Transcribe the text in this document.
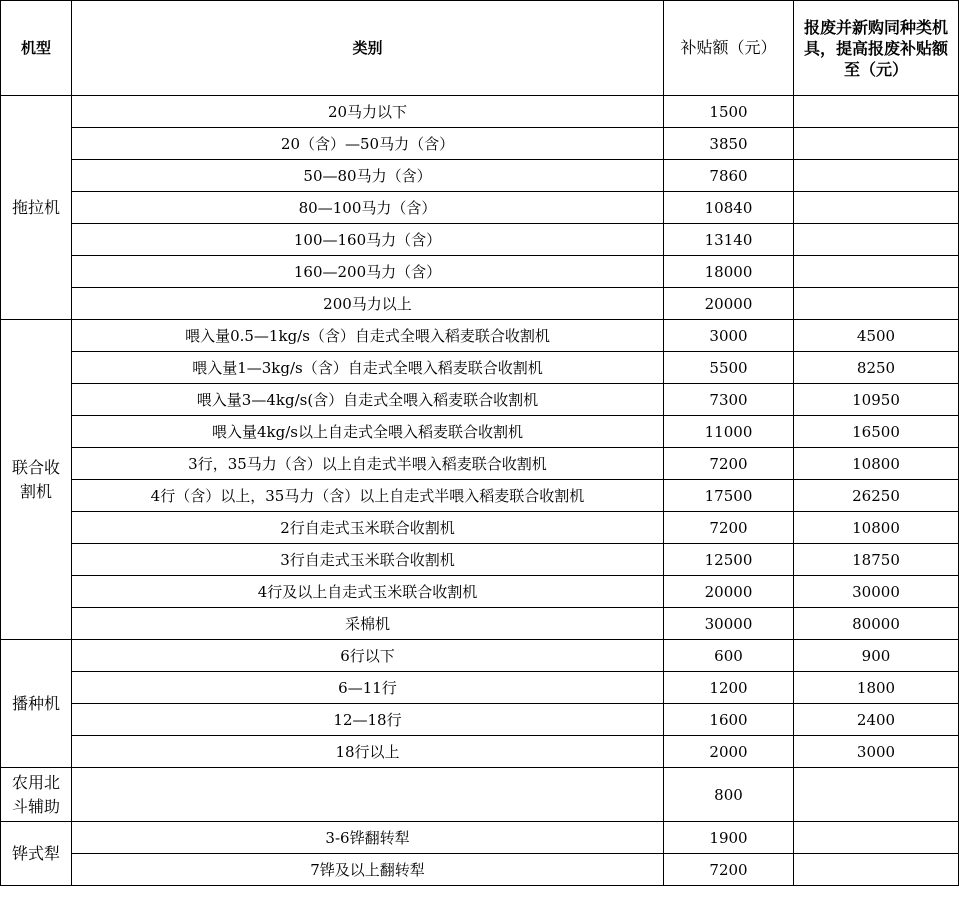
机型	类别	补贴额（元）	报废并新购同种类机具，提高报废补贴额至（元）

拖拉机	20马力以下	1500	
	20（含）—50马力（含）	3850	
	50—80马力（含）	7860	
	80—100马力（含）	10840	
	100—160马力（含）	13140	
	160—200马力（含）	18000	
	200马力以上	20000	

联合收割机	喂入量0.5—1kg/s（含）自走式全喂入稻麦联合收割机	3000	4500
	喂入量1—3kg/s（含）自走式全喂入稻麦联合收割机	5500	8250
	喂入量3—4kg/s(含）自走式全喂入稻麦联合收割机	7300	10950
	喂入量4kg/s以上自走式全喂入稻麦联合收割机	11000	16500
	3行，35马力（含）以上自走式半喂入稻麦联合收割机	7200	10800
	4行（含）以上，35马力（含）以上自走式半喂入稻麦联合收割机	17500	26250
	2行自走式玉米联合收割机	7200	10800
	3行自走式玉米联合收割机	12500	18750
	4行及以上自走式玉米联合收割机	20000	30000
	采棉机	30000	80000

播种机	6行以下	600	900
	6—11行	1200	1800
	12—18行	1600	2400
	18行以上	2000	3000

农用北斗辅助		800	

铧式犁	3-6铧翻转犁	1900	
	7铧及以上翻转犁	7200	
